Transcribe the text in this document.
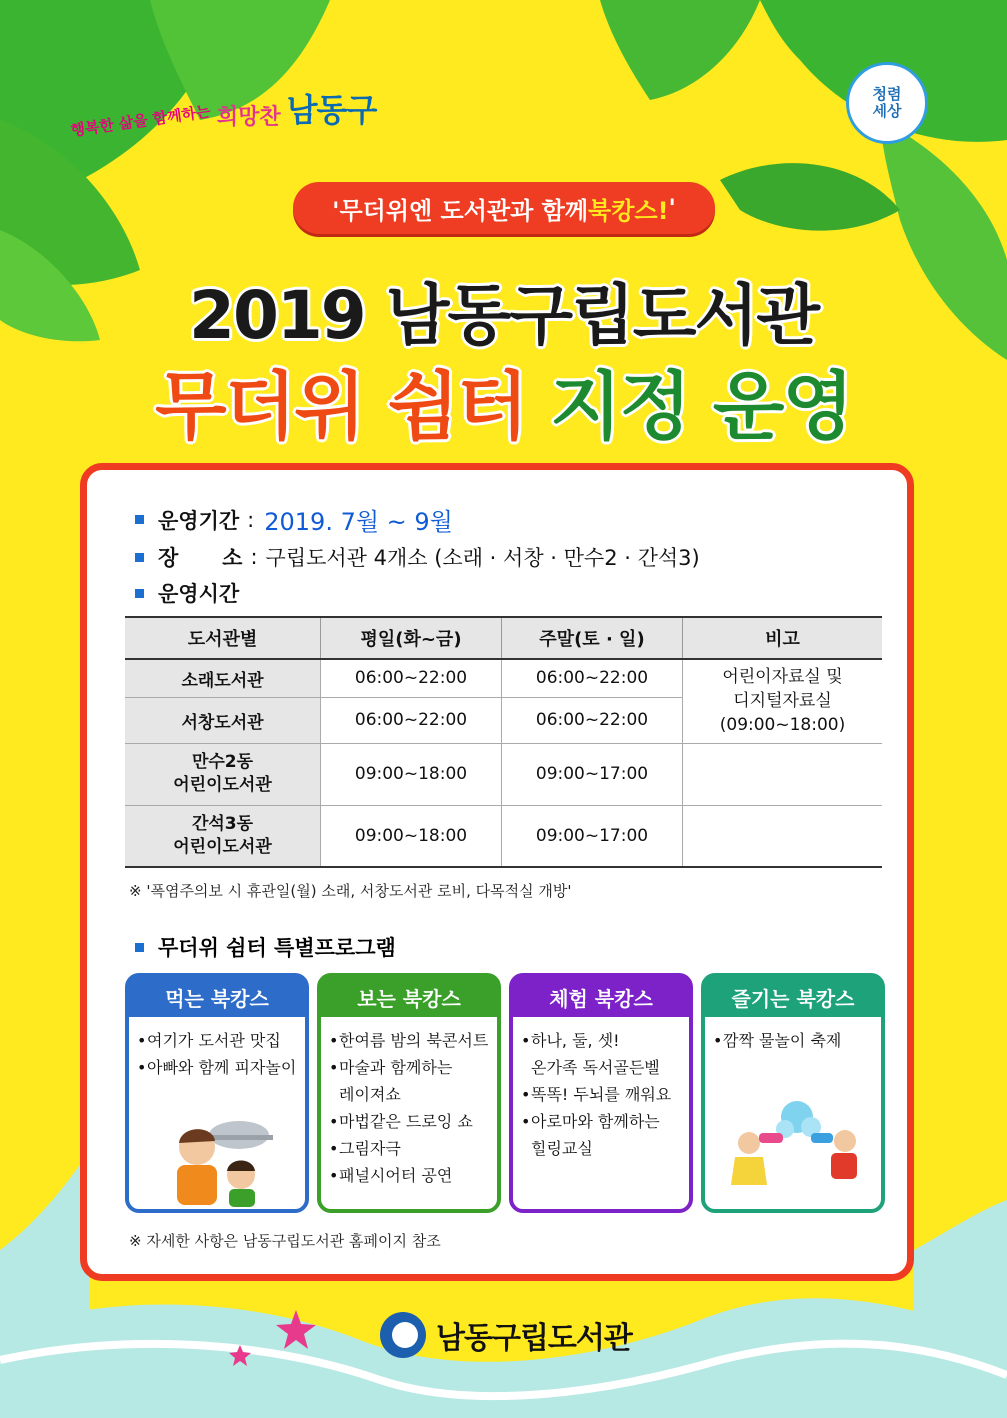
행복한 삶을 함께하는 희망찬 남동구	청렴
세상
'무더위엔 도서관과 함께 북캉스! '
2019 남동구립도서관
무더위 쉼터 지정 운영
운영기간 : 2019. 7월 ~ 9월
장      소 : 구립도서관 4개소 (소래 · 서창 · 만수2 · 간석3)
운영시간
도서관별	평일(화~금)	주말(토 · 일)	비고
소래도서관	06:00~22:00	06:00~22:00	어린이자료실 및
디지털자료실
(09:00~18:00)

서창도서관	06:00~22:00	06:00~22:00	

만수2동
어린이도서관	09:00~18:00	09:00~17:00	

간석3동
어린이도서관	09:00~18:00	09:00~17:00	
※ '폭염주의보 시 휴관일(월) 소래, 서창도서관 로비, 다목적실 개방'
무더위 쉼터 특별프로그램
먹는 북캉스
•여기가 도서관 맛집
•아빠와 함께 피자놀이
보는 북캉스
•한여름 밤의 북콘서트
•마술과 함께하는
레이져쇼
•마법같은 드로잉 쇼
•그림자극
•패널시어터 공연
체험 북캉스
•하나, 둘, 셋!
온가족 독서골든벨
•똑똑! 두뇌를 깨워요
•아로마와 함께하는
힐링교실
즐기는 북캉스
•깜짝 물놀이 축제
※ 자세한 사항은 남동구립도서관 홈페이지 참조
남동구립도서관
